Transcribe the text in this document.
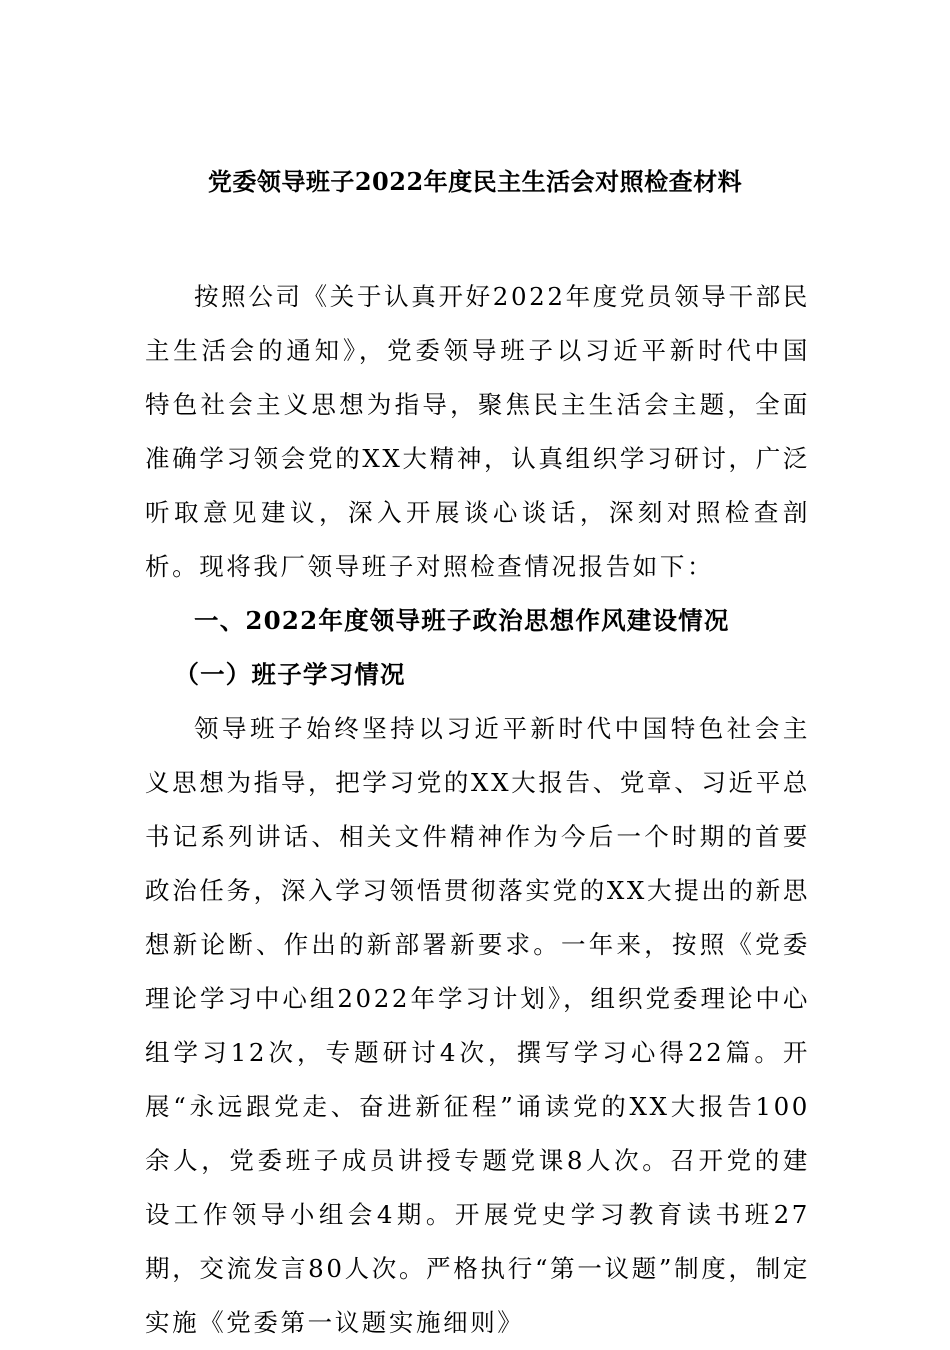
党委领导班子2022年度民主生活会对照检查材料

按照公司《关于认真开好2022年度党员领导干部民主生活会的通知》，党委领导班子以习近平新时代中国特色社会主义思想为指导，聚焦民主生活会主题，全面准确学习领会党的XX大精神，认真组织学习研讨，广泛听取意见建议，深入开展谈心谈话，深刻对照检查剖析。现将我厂领导班子对照检查情况报告如下：

一、2022年度领导班子政治思想作风建设情况

（一）班子学习情况

领导班子始终坚持以习近平新时代中国特色社会主义思想为指导，把学习党的XX大报告、党章、习近平总书记系列讲话、相关文件精神作为今后一个时期的首要政治任务，深入学习领悟贯彻落实党的XX大提出的新思想新论断、作出的新部署新要求。一年来，按照《党委理论学习中心组2022年学习计划》，组织党委理论中心组学习12次，专题研讨4次，撰写学习心得22篇。开展“永远跟党走、奋进新征程”诵读党的XX大报告100余人，党委班子成员讲授专题党课8人次。召开党的建设工作领导小组会4期。开展党史学习教育读书班27期，交流发言80人次。严格执行“第一议题”制度，制定实施《党委第一议题实施细则》
